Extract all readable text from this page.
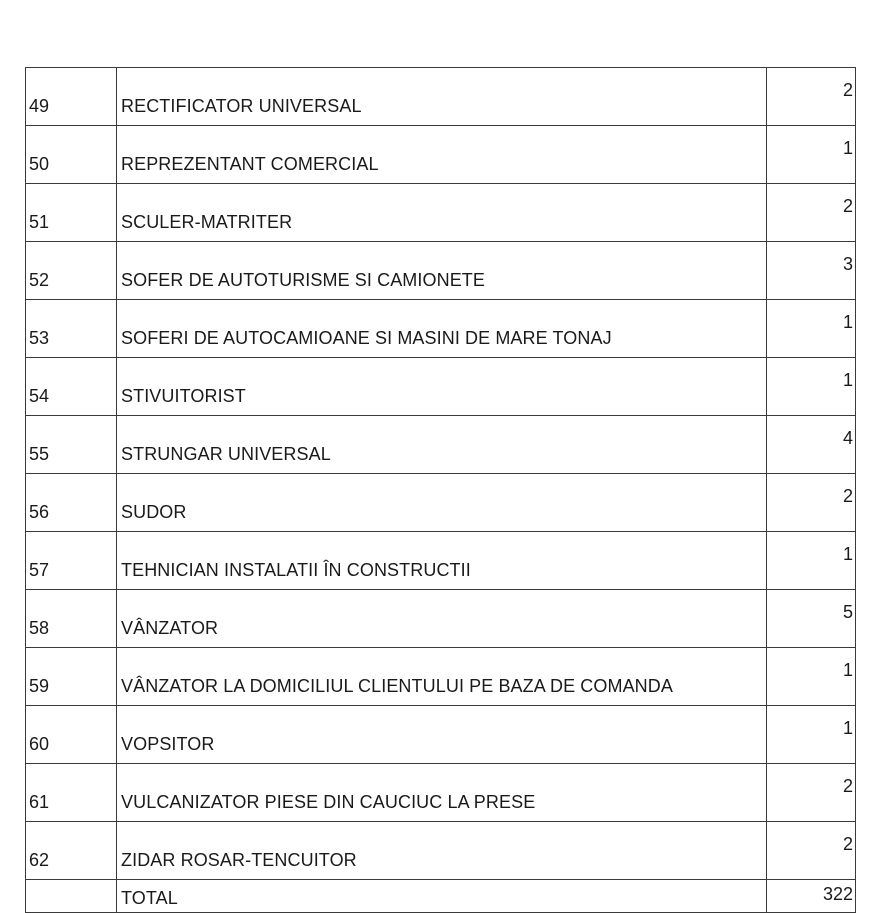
49	RECTIFICATOR UNIVERSAL	2
50	REPREZENTANT COMERCIAL	1
51	SCULER-MATRITER	2
52	SOFER DE AUTOTURISME SI CAMIONETE	3
53	SOFERI DE AUTOCAMIOANE SI MASINI DE MARE TONAJ	1
54	STIVUITORIST	1
55	STRUNGAR UNIVERSAL	4
56	SUDOR	2
57	TEHNICIAN INSTALATII ÎN CONSTRUCTII	1
58	VÂNZATOR	5
59	VÂNZATOR LA DOMICILIUL CLIENTULUI PE BAZA DE COMANDA	1
60	VOPSITOR	1
61	VULCANIZATOR PIESE DIN CAUCIUC LA PRESE	2
62	ZIDAR ROSAR-TENCUITOR	2
	TOTAL	322
